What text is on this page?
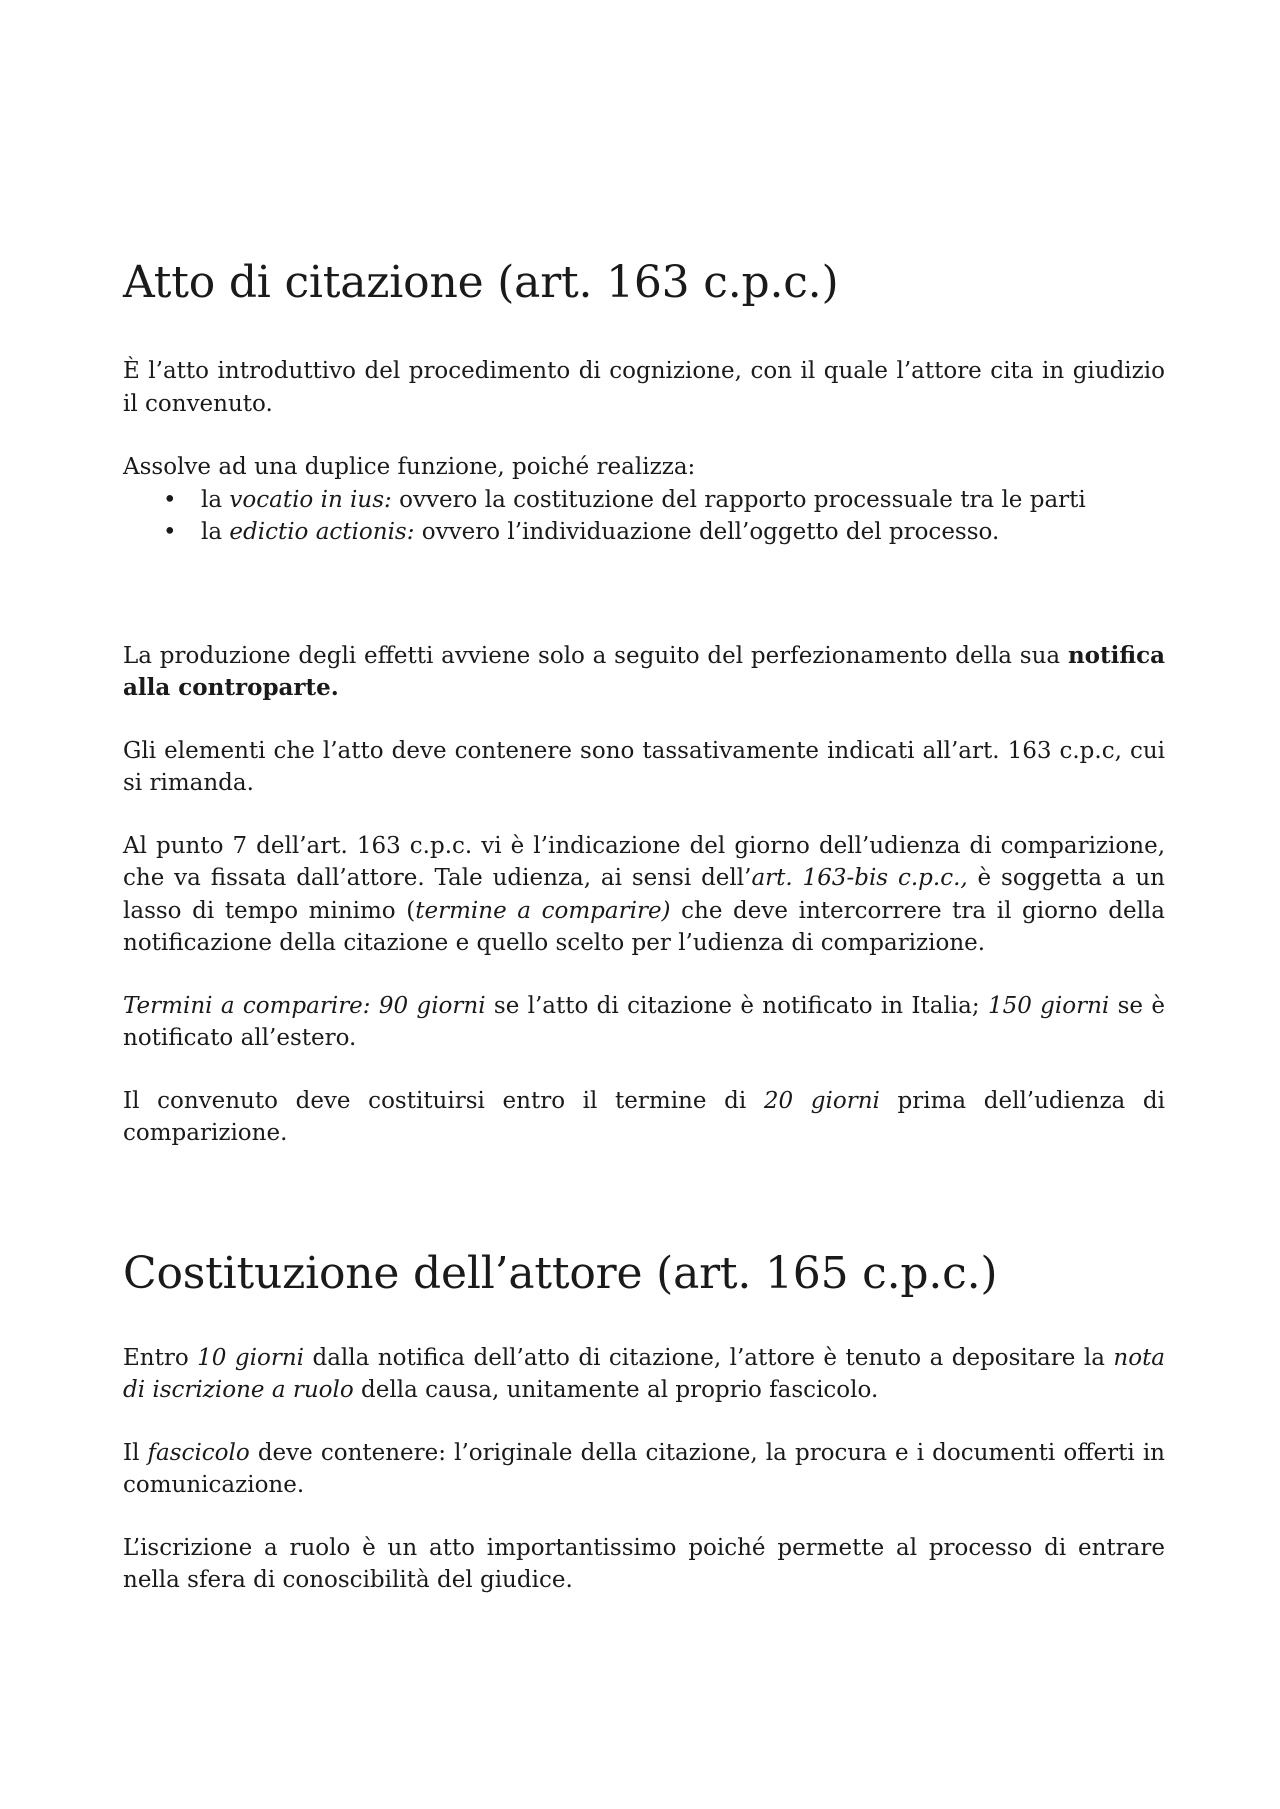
Atto di citazione (art. 163 c.p.c.)

È l’atto introduttivo del procedimento di cognizione, con il quale l’attore cita in giudizio il convenuto.

Assolve ad una duplice funzione, poiché realizza:

• la vocatio in ius: ovvero la costituzione del rapporto processuale tra le parti
• la edictio actionis: ovvero l’individuazione dell’oggetto del processo.

La produzione degli effetti avviene solo a seguito del perfezionamento della sua notifica alla controparte.

Gli elementi che l’atto deve contenere sono tassativamente indicati all’art. 163 c.p.c, cui si rimanda.

Al punto 7 dell’art. 163 c.p.c. vi è l’indicazione del giorno dell’udienza di comparizione, che va fissata dall’attore. Tale udienza, ai sensi dell’art. 163-bis c.p.c., è soggetta a un lasso di tempo minimo (termine a comparire) che deve intercorrere tra il giorno della notificazione della citazione e quello scelto per l’udienza di comparizione.

Termini a comparire: 90 giorni se l’atto di citazione è notificato in Italia; 150 giorni se è notificato all’estero.

Il convenuto deve costituirsi entro il termine di 20 giorni prima dell’udienza di comparizione.

Costituzione dell’attore (art. 165 c.p.c.)

Entro 10 giorni dalla notifica dell’atto di citazione, l’attore è tenuto a depositare la nota di iscrizione a ruolo della causa, unitamente al proprio fascicolo.

Il fascicolo deve contenere: l’originale della citazione, la procura e i documenti offerti in comunicazione.

L’iscrizione a ruolo è un atto importantissimo poiché permette al processo di entrare nella sfera di conoscibilità del giudice.
